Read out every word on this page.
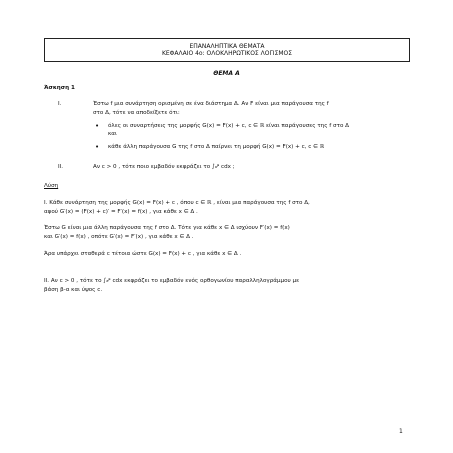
ΕΠΑΝΑΛΗΠΤΙΚΑ ΘΕΜΑΤΑ
ΚΕΦΑΛΑΙΟ 4ο: ΟΛΟΚΛΗΡΩΤΙΚΟΣ ΛΟΓΙΣΜΟΣ
ΘΕΜΑ Α
Άσκηση 1
I.	Έστω f μια συνάρτηση ορισμένη σε ένα διάστημα Δ. Αν F είναι μια παράγουσα της f
στο Δ, τότε να αποδείξετε ότι:
• όλες οι συναρτήσεις της μορφής G(x) = F(x) + c, c ∈ ℝ είναι παράγουσες της f στο Δ
και
• κάθε άλλη παράγουσα G της f στο Δ παίρνει τη μορφή G(x) = F(x) + c, c ∈ ℝ
II.	Αν c > 0 , τότε ποιο εμβαδόν εκφράζει το ∫ₐᵝ cdx ;
Λύση
I. Κάθε συνάρτηση της μορφής G(x) = F(x) + c , όπου c ∈ ℝ , είναι μια παράγουσα της f στο Δ,
αφού G′(x) = (F(x) + c)′ = F′(x) = f(x) , για κάθε x ∈ Δ .
Έστω G είναι μια άλλη παράγουσα της f στο Δ. Τότε για κάθε x ∈ Δ ισχύουν F′(x) = f(x)
και G′(x) = f(x) , οπότε G′(x) = F′(x) , για κάθε x ∈ Δ .
Άρα υπάρχει σταθερά c τέτοια ώστε G(x) = F(x) + c , για κάθε x ∈ Δ .
II. Αν c > 0 , τότε το ∫ₐᵝ cdx εκφράζει το εμβαδόν ενός ορθογωνίου παραλληλογράμμου με
βάση β-α και ύψος c.
1
